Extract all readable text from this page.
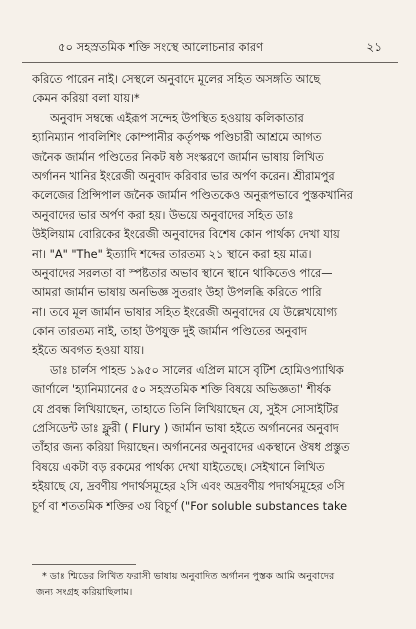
৫০ সহস্রতমিক শক্তি সংস্থে আলোচনার কারণ	২১
করিতে পারেন নাই। সেস্থলে অনুবাদে মূলের সহিত অসঙ্গতি আছে
কেমন করিয়া বলা যায়।*
অনুবাদ সম্বন্ধে এইরূপ সন্দেহ উপস্থিত হওয়ায় কলিকাতার
হ্যানিম্যান পাবলিশিং কোম্পানীর কর্তৃপক্ষ পণ্ডিচারী আশ্রমে আগত
জনৈক জার্মান পণ্ডিতের নিকট ষষ্ঠ সংস্করণে জার্মান ভাষায় লিখিত
অর্গানন খানির ইংরেজী অনুবাদ করিবার ভার অর্পণ করেন। শ্রীরামপুর
কলেজের প্রিন্সিপাল জনৈক জার্মান পণ্ডিতকেও অনুরূপভাবে পুস্তকখানির
অনুবাদের ভার অর্পণ করা হয়। উভয়ে অনুবাদের সহিত ডাঃ
উইলিয়াম বোরিকের ইংরেজী অনুবাদের বিশেষ কোন পার্থক্য দেখা যায়
না। "A" "The" ইত্যাদি শব্দের তারতম্য ২১ স্থানে করা হয় মাত্র।
অনুবাদের সরলতা বা স্পষ্টতার অভাব স্থানে স্থানে থাকিতেও পারে—
আমরা জার্মান ভাষায় অনভিজ্ঞ সুতরাং উহা উপলব্ধি করিতে পারি
না। তবে মূল জার্মান ভাষার সহিত ইংরেজী অনুবাদের যে উল্লেখযোগ্য
কোন তারতম্য নাই, তাহা উপযুক্ত দুই জার্মান পণ্ডিতের অনুবাদ
হইতে অবগত হওয়া যায়।
ডাঃ চার্লস পাহন্ড ১৯৫০ সালের এপ্রিল মাসে বৃটিশ হোমিওপ্যাথিক
জার্ণালে 'হ্যানিম্যানের ৫০ সহস্রতমিক শক্তি বিষয়ে অভিজ্ঞতা' শীর্ষক
যে প্রবন্ধ লিখিয়াছেন, তাহাতে তিনি লিখিয়াছেন যে, সুইস সোসাইটির
প্রেসিডেন্ট ডাঃ ফ্লুরী ( Flury ) জার্মান ভাষা হইতে অর্গাননের অনুবাদ
তাঁহার জন্য করিয়া দিয়াছেন। অর্গাননের অনুবাদের একস্থানে ঔষধ প্রস্তুত
বিষয়ে একটা বড় রকমের পার্থক্য দেখা যাইতেছে। সেইখানে লিখিত
হইয়াছে যে, দ্রবণীয় পদার্থসমূহের ২সি এবং অদ্রবণীয় পদার্থসমূহের ৩সি
চূর্ণ বা শততমিক শক্তির ৩য় বিচূর্ণ ("For soluble substances take
* ডাঃ শ্মিডের লিখিত ফরাসী ভাষায় অনুবাদিত অর্গানন পুস্তক আমি অনুবাদের
জন্য সংগ্রহ করিয়াছিলাম।
